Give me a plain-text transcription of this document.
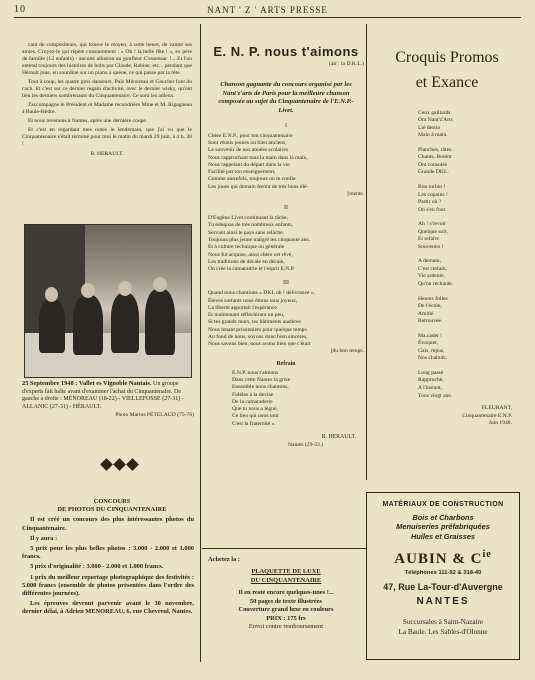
10	NANT ' Z ' ARTS PRESSE

cant de compositeurs, qui trouve le moyen, à cette heure, de vanter ses amies. Croyez-le qui répète constamment : « Oh ! la belle fête ! », ex père de famille (12 enfants) - aucune allusion au gonfleur C'essensac !... Et l'on entend toujours des histoires de bobs par Claude, Rabine, etc... pendant que Hérault joue, en sourdine sur un piano à queue, ce qui passe par la tête.

Tout à coup, les quatre gros danseurs, Puis Ménoreau et Gaucher font du cach. Et c'est sur ce dernier regain d'activité, avec le dernier wisky, qu'ont lieu les derniers sombrenauts du Cinquantenaire. Ce sont les adieux.

J'accompagne le Président et Madame recondrière Mme et M. Rigagneau à Baule-Hedre.

Et nous revenons à Nantes, après une dernière coupe.

Et c'est en regardant mes notes le lendemain, que j'ai vu que le Cinquantenaire s'était terminé pour moi le matin du mardi 29 juin, à 4 h. 30 !

R. HERAULT.

25 Septembre 1948 : Vallet es Vignoble Nantais. Un groupe d'experts fait halte avant d'examiner l'achat du Cinquantenaire. De gauche à droite : MÉNOREAU (18-22) - VIELLEFOSSE (27-31) - ALLANIC (27-31) - HÉRAULT.
Photo Marius PÉTELAUD (75-76)

CONCOURS

DE PHOTOS DU CINQUANTENAIRE

Il est créé un concours des plus intéressantes photos du Cinquantenaire.

Il y aura :

3 prix pour les plus belles photos : 3.000 - 2.000 et 1.000 francs.

3 prix d'originalité : 3.000 - 2.000 et 1.000 francs.

1 prix du meilleur reportage photographique des festivités : 5.000 francs (ensemble de photos présentées dans l'ordre des différentes journées).

Les épreuves devront parvenir avant le 30 novembre, dernier délai, à Adrien MENOREAU, 6, rue Chevreul, Nantes.

E. N. P. nous t'aimons
(air : la D.K.L.)

Chanson gagnante du concours organisé par les Nant'z'arts de Paris pour la meilleure chanson composée au sujet du Cinquantenaire de l'E.N.P.-Livet.

I
Chère E.N.P., pour ton cinquantenaire
Sont réunis jeunes ou bien anciens,
Le souvenir de nos années scolaires
Nous rapprochant tous la main dans la main,
Nous rappelant du départ dans la vie
Facilité par ton enseignement,
Comme autrefois, toujours on te confie
Les joues qui demain feront de très bons élé-
[ments.
II
D'Eugène Livet continuant la tâche,
Tu éduquas de très nombreux enfants,
Servant ainsi le pays sans relâche.
Toujours plus jeune malgré tes cinquante ans.
Et à culture technique ou générale
Nous fut acquise, ainsi chère cet rêvé,
Les traditions de décale en décale,
On crée la camaradrie et l'esprit E.N.P.
III
Quand nous chantions « DKL oh ! délivrance »,
Élèves sortants nous étions tous joyeux,
La liberté apportait l'espérance.
Et maintenant réfléchirant un peu,
Si tes grands murs, tes bâtiments austères
Nous tenant prisonniers pour quelque temps.
Au fond de nous, soyons donc bien sincères,
Nous savons bien, nous avons bien que c'était
[du bon temps.
Refrain
E.N.P. nous t'aimons
Dans cette Nantes la grise
Ensemble nous chantons,
Fidèles à la devise
De la camaraderie
Que tu nous a légué,
Ce lien qui nous unit
C'est la fraternité ».
R. HERAULT.
Nantes (29-33.)

Achetez la :

PLAQUETTE DE LUXE

DU CINQUANTENAIRE

Il en reste encore quelques-unes !...

50 pages de texte illustrées

Couverture grand luxe en couleurs

PRIX : 175 frs

Envoi contre remboursement

Croquis Promos

et Exance

Ceux gaillards
Ont Nant'z'Arts
Lié destin
Main à main.
Planches, râtes.
Chants, Boulot
Ont consolés
Grande DKL.
Bon turbin !
Les copains !
Partir où ?
On s'en fout.
Ah ! s'revoir
Quelque soir,
Et refaire
Souvenirs !
A demain,
C'est certain,
Vie ardente,
Qu'on rechante.
Heures folles
De l'école,
Amitié
Retrouvée.
Ma.cadet !
Évoquer,
Gais, repus,
Nos chahuts.
Long passé
Rapproché,
A l'instant,
Tous vingt ans.
FLEURANT,
Cinquantenaire E.N.P.
Juin 1948.
MATÉRIAUX DE CONSTRUCTION
Bois et Charbons
Menuiseries préfabriquées
Huiles et Graisses
AUBIN & $C^{ie}$
Téléphones 111-92 & 318-40
47, Rue La-Tour-d'Auvergne
NANTES
Succursales à Saint-Nazaire
La Baule. Les Sables-d'Olonne
